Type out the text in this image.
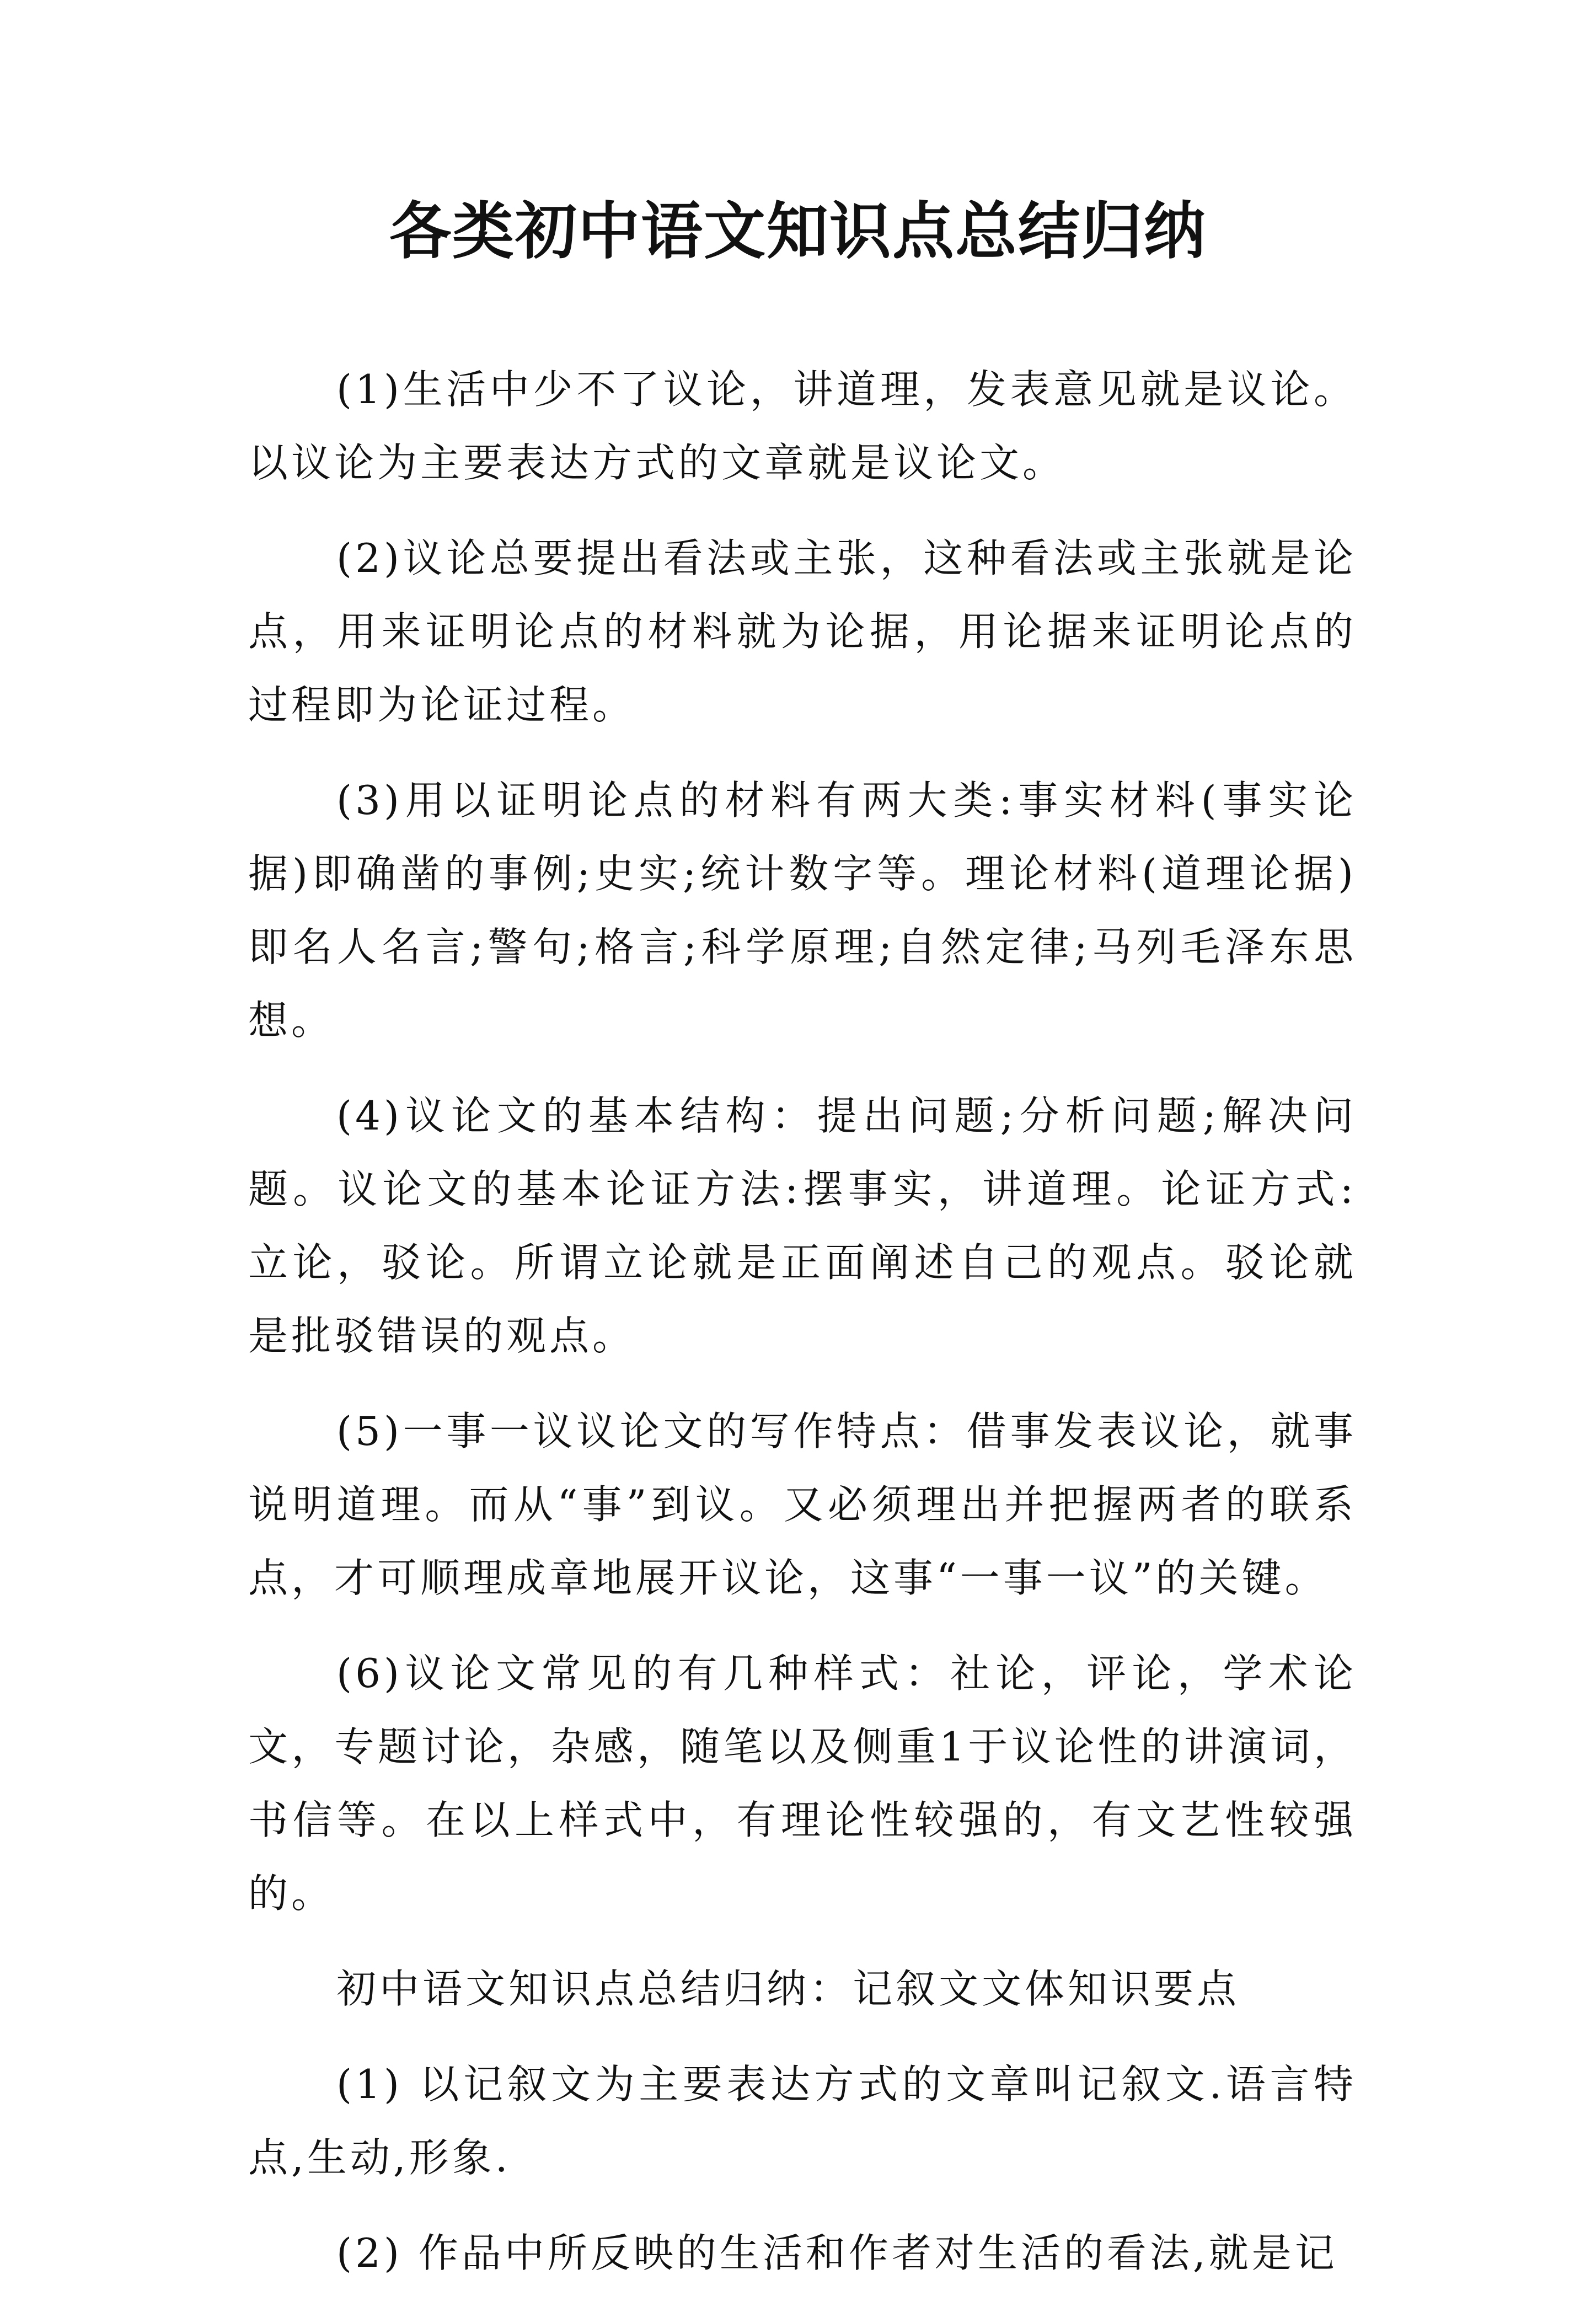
各类初中语文知识点总结归纳

(1)生活中少不了议论，讲道理，发表意见就是议论。以议论为主要表达方式的文章就是议论文。

(2)议论总要提出看法或主张，这种看法或主张就是论点，用来证明论点的材料就为论据，用论据来证明论点的过程即为论证过程。

(3)用以证明论点的材料有两大类:事实材料(事实论据)即确凿的事例;史实;统计数字等。理论材料(道理论据)即名人名言;警句;格言;科学原理;自然定律;马列毛泽东思想。

(4)议论文的基本结构：提出问题;分析问题;解决问题。议论文的基本论证方法:摆事实，讲道理。论证方式:立论，驳论。所谓立论就是正面阐述自己的观点。驳论就是批驳错误的观点。

(5)一事一议议论文的写作特点：借事发表议论，就事说明道理。而从“事”到议。又必须理出并把握两者的联系点，才可顺理成章地展开议论，这事“一事一议”的关键。

(6)议论文常见的有几种样式：社论，评论，学术论文，专题讨论，杂感，随笔以及侧重1于议论性的讲演词，书信等。在以上样式中，有理论性较强的，有文艺性较强的。

初中语文知识点总结归纳：记叙文文体知识要点

(1) 以记叙文为主要表达方式的文章叫记叙文.语言特点,生动,形象.

(2) 作品中所反映的生活和作者对生活的看法,就是记
